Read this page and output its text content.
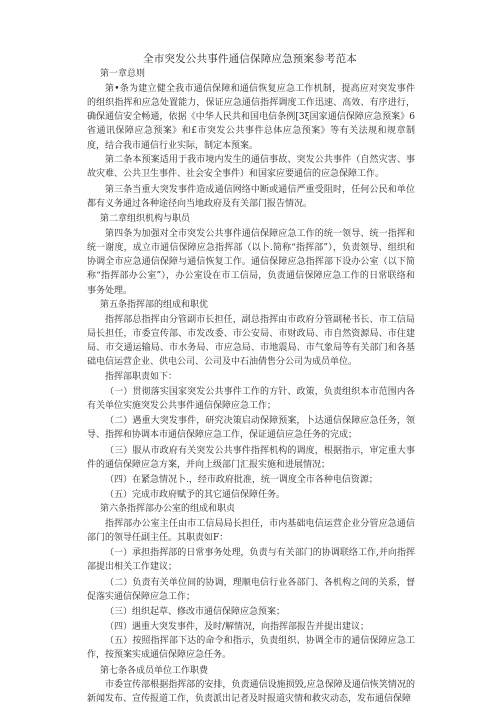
全市突发公共事件通信保障应急预案参考范本
第一章总则
第•条为建立健全我市通信保障和通信恢复应急工作机制，提高应对突发事件的组织指挥和应急处置能力，保证应急通信指挥调度工作迅速、高效、有序进行，确保通信安全畅通，依据《中华人民共和国电信条例[3ξ国家通信保障应急预案》6省通讯保障应急预案》和£市突发公共事件总体应急预案》等有关法规和规章制度，结合我市通信行业实际，制定本预案。
第二条本预案适用于我市境内发生的通信事故、突发公共事件（自然灾害、事故灾难、公共卫生事件、社会安全事件）和国家应要通信的应急保障工作。
第三条当重大突发事件造成通信网络中断或通信严重受阻时，任何公民和单位都有义务通过各种途径向当地政府及有关部门报告情况。
第二章组织机构与职员
第四条为加强对全市突发公共事件通信保障应急工作的统一领导、统一指挥和统一谢度，成立市通信保障应急指挥部（以卜.简称“指挥部”），负责领导、组织和协调全市应急通信保障与通信恢复工作。通信保障应急指挥部下设办公室（以下简称“指挥部办公室”），办公室设在市工信局，负责通信保障应急工作的日常联络和事务处理。
第五条指挥部的组成和职优
指挥部总指挥由分管副市长担任，副总指挥由市政府分管副秘书长、市工信局局长担任，市委宣传部、市发改委、市公安局、市财政局、市自然资源局、市住建局、市交通运输局、市水务局、市应急局、市地震局、市气象局等有关部门和各基础电信运营企业、供电公司、公司及中石油倩售分公司为成员单位。
指挥部职责如下：
（一）贯彻落实国家突发公共事件工作的方针、政策，负责组织本市范围内各有关单位实施突发公共事件通信保障应急工作；
（二）遇重大突发事件，研究决策启动保障预案，卜达通信保障应急任务，领导、指挥和协调本市通信保障应急工作，保证通信应急任务的完成；
（三）服从市政府有关突发公共事件指挥机构的调度，根据指示，审定重大事件的通信保障应急方案，并向上级部门汇报实施和进展情况；
（四）在紧急情况卜.，经市政府批准，统一调度全市各种电信资源；
（五）完成市政府赋予的其它通信保障任务。
第六条指挥部办公室的组成和职贞
指挥部办公室主任由市工信局局长担任，市内基础电信运营企业分管应急通信部门的领导任副主任。其职责如F：
（一）承担指挥部的日常事务处理，负责与有关部门的协调联络工作,并向指挥部提出相关工作建议；
（二）负责有关单位间的协调，理顺电信行业各部门、各机构之间的关系，督促落实通信保障应急工作；
（三）组织起草、修改市通信保障应急预案；
（四）遇重大突发事件，及时/解情况，向指挥部报告并提出建议；
（五）按照指挥部下达的命令和指示，负责组织、协调全市的通信保障应急工作，按预案实成通信保障应急任务。
第七条各成员单位工作职费
市委宣传部根据指挥部的安排，负责通信设施损毁,应急保障及通信恢笑情况的新闻发布、宣传报道工作，负责派出记者及时报道灾情和救灾动态，发布通信保障
